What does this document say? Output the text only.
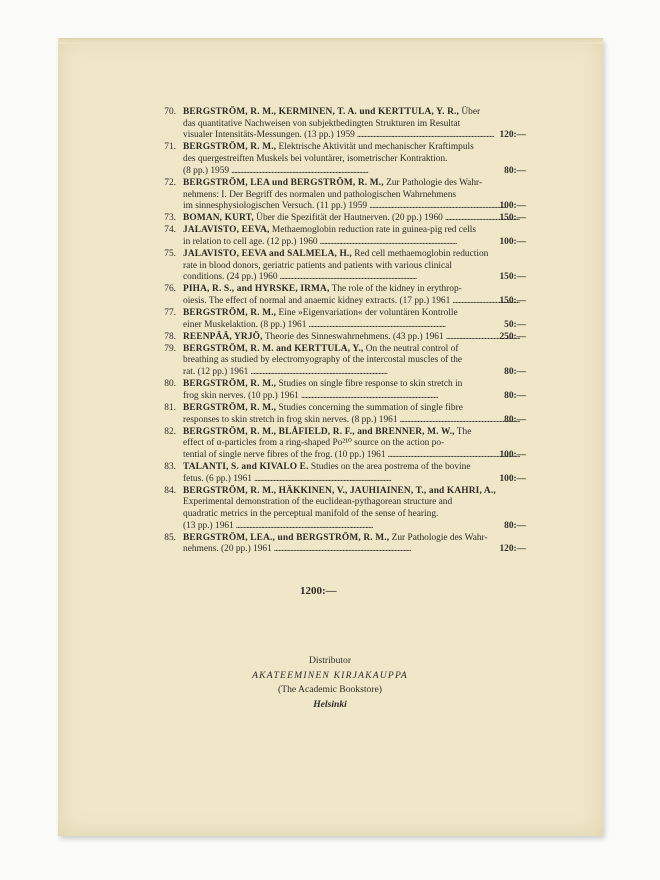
70. BERGSTRÖM, R. M., KERMINEN, T. A. und KERTTULA, Y. R., Über
das quantitative Nachweisen von subjektbedingten Strukturen im Resultat
visualer Intensitäts-Messungen. (13 pp.) 1959 . . .	120:—
71. BERGSTRÖM, R. M., Elektrische Aktivität und mechanischer Kraftimpuls
des quergestreiften Muskels bei voluntärer, isometrischer Kontraktion.
(8 pp.) 1959 . . .	80:—
72. BERGSTRÖM, LEA und BERGSTRÖM, R. M., Zur Pathologie des Wahr-
nehmens: I. Der Begriff des normalen und pathologischen Wahrnehmens
im sinnesphysiologischen Versuch. (11 pp.) 1959 . . .	100:—
73. BOMAN, KURT, Über die Spezifität der Hautnerven. (20 pp.) 1960 . . .	150:—
74. JALAVISTO, EEVA, Methaemoglobin reduction rate in guinea-pig red cells
in relation to cell age. (12 pp.) 1960 . . .	100:—
75. JALAVISTO, EEVA and SALMELA, H., Red cell methaemoglobin reduction
rate in blood donors, geriatric patients and patients with various clinical
conditions. (24 pp.) 1960 . . .	150:—
76. PIHA, R. S., and HYRSKE, IRMA, The role of the kidney in erythrop-
oiesis. The effect of normal and anaemic kidney extracts. (17 pp.) 1961 . . .	150:—
77. BERGSTRÖM, R. M., Eine »Eigenvariation« der voluntären Kontrolle
einer Muskelaktion. (8 pp.) 1961 . . .	50:—
78. REENPÄÄ, YRJÖ, Theorie des Sinneswahrnehmens. (43 pp.) 1961 . . .	250:—
79. BERGSTRÖM, R. M. and KERTTULA, Y., On the neutral control of
breathing as studied by electromyography of the intercostal muscles of the
rat. (12 pp.) 1961 . . .	80:—
80. BERGSTRÖM, R. M., Studies on single fibre response to skin stretch in
frog skin nerves. (10 pp.) 1961 . . .	80:—
81. BERGSTRÖM, R. M., Studies concerning the summation of single fibre
responses to skin stretch in frog skin nerves. (8 pp.) 1961 . . .	80:—
82. BERGSTRÖM, R. M., BLÅFIELD, R. F., and BRENNER, M. W., The
effect of α-particles from a ring-shaped Po²¹⁰ source on the action po-
tential of single nerve fibres of the frog. (10 pp.) 1961 . . .	100:—
83. TALANTI, S. and KIVALO E. Studies on the area postrema of the bovine
fetus. (6 pp.) 1961 . . .	100:—
84. BERGSTRÖM, R. M., HÄKKINEN, V., JAUHIAINEN, T., and KAHRI, A.,
Experimental demonstration of the euclidean-pythagorean structure and
quadratic metrics in the perceptual manifold of the sense of hearing.
(13 pp.) 1961 . . .	80:—
85. BERGSTRÖM, LEA., und BERGSTRÖM, R. M., Zur Pathologie des Wahr-
nehmens. (20 pp.) 1961 . . .	120:—
1200:—
Distributor
AKATEEMINEN KIRJAKAUPPA
(The Academic Bookstore)
Helsinki
